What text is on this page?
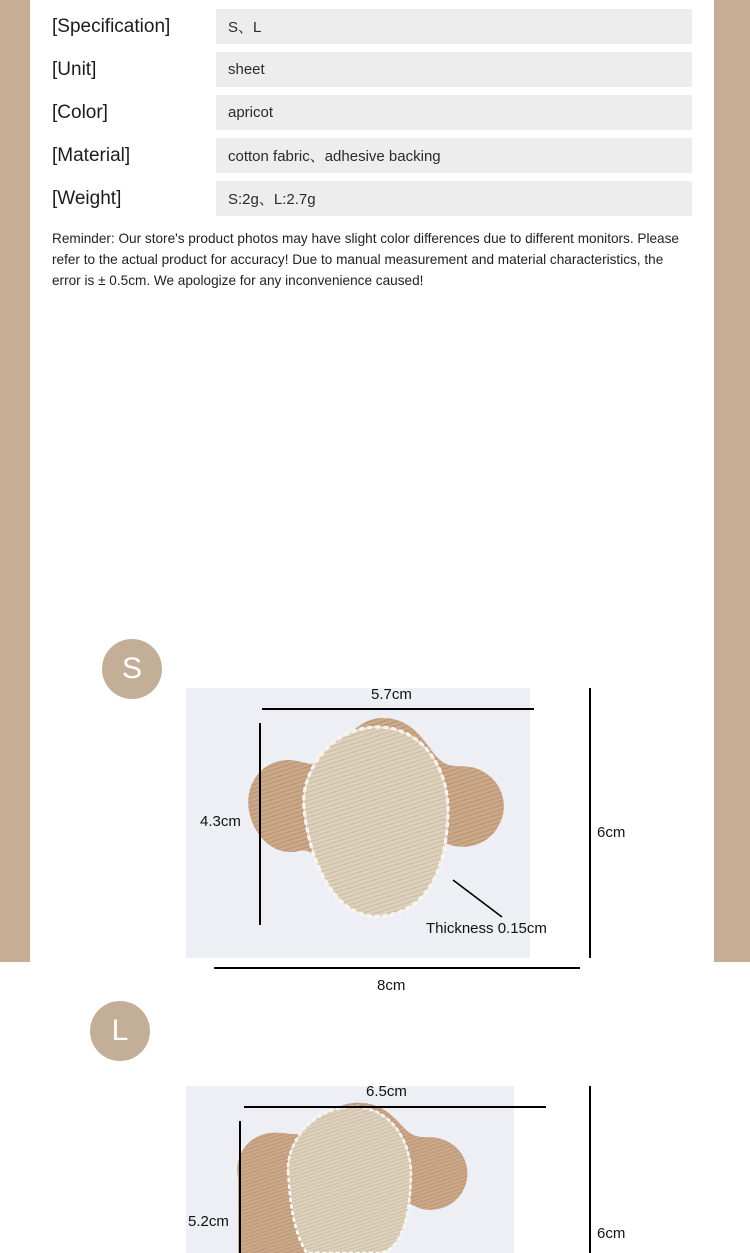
[Specification]	S、L
[Unit]	sheet
[Color]	apricot
[Material]	cotton fabric、adhesive backing
[Weight]	S:2g、L:2.7g

Reminder: Our store's product photos may have slight color differences due to different monitors. Please refer to the actual product for accuracy! Due to manual measurement and material characteristics, the error is ± 0.5cm. We apologize for any inconvenience caused!

S
5.7cm
4.3cm
6cm
8cm
Thickness 0.15cm
L
6.5cm
5.2cm
6cm
